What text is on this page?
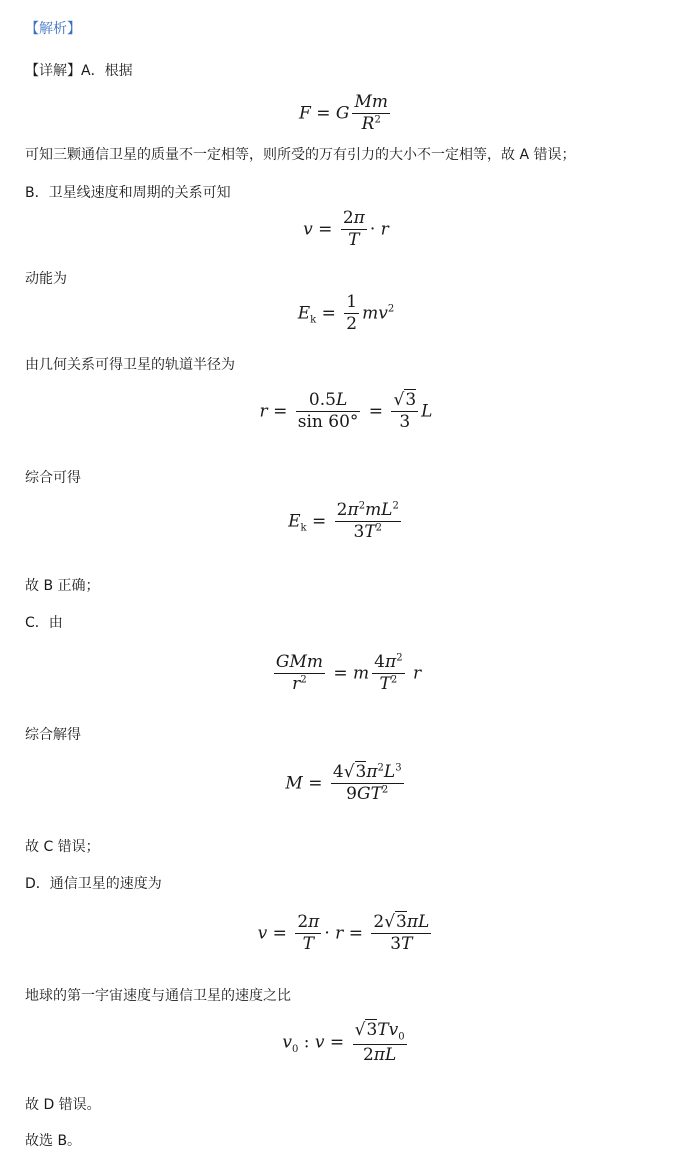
【解析】
【详解】A．根据
F = G $\frac{Mm}{R^2}$
可知三颗通信卫星的质量不一定相等，则所受的万有引力的大小不一定相等，故 A 错误；
B．卫星线速度和周期的关系可知
$v = \frac{2\pi}{T} \cdot r$
动能为
$E_k = \frac{1}{2} mv^2$
由几何关系可得卫星的轨道半径为
$r = \frac{0.5L}{\sin 60^\circ} = \frac{√3}{3}$ L
综合可得
$E_k = \frac{2\pi^2mL^2}{3T^2}$
故 B 正确；
C．由
$\frac{\text{GMm}}{r^2} = m \frac{4\pi^2}{T^2}$ r
综合解得
$M = \frac{4√3\pi^2L^3}{9GT^2}$
故 C 错误；
D．通信卫星的速度为
$v = \frac{2\pi}{T} \cdot r = \frac{2√3\pi L}{3T}$
地球的第一宇宙速度与通信卫星的速度之比
$v_0$ : $v = \frac{√3Tv_0}{2\pi L}$
故 D 错误。
故选 B。
